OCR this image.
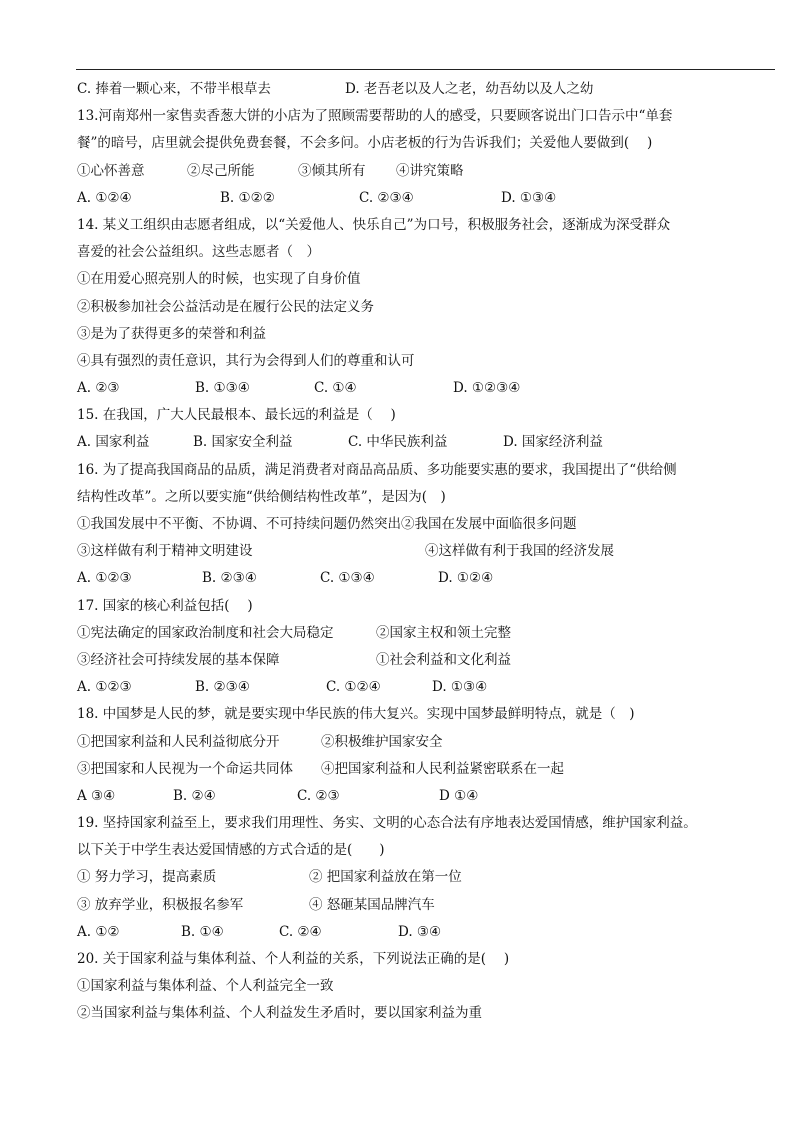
C. 捧着一颗心来，不带半根草去	D. 老吾老以及人之老，幼吾幼以及人之幼
13.河南郑州一家售卖香葱大饼的小店为了照顾需要帮助的人的感受，只要顾客说出门口告示中“单套
餐”的暗号，店里就会提供免费套餐，不会多问。小店老板的行为告诉我们；关爱他人要做到(　 )
①心怀善意	②尽己所能	③倾其所有 ④讲究策略
A. ①②④	B. ①②②	C. ②③④	D. ①③④
14. 某义工组织由志愿者组成，以“关爱他人、快乐自己”为口号，积极服务社会，逐渐成为深受群众
喜爱的社会公益组织。这些志愿者（　）
①在用爱心照亮别人的时候，也实现了自身价值
②积极参加社会公益活动是在履行公民的法定义务
③是为了获得更多的荣誉和利益
④具有强烈的责任意识，其行为会得到人们的尊重和认可
A. ②③	B. ①③④	C. ①④	D. ①②③④
15. 在我国，广大人民最根本、最长远的利益是（　 )
A. 国家利益	B. 国家安全利益	C. 中华民族利益	D. 国家经济利益
16. 为了提高我国商品的品质，满足消费者对商品高品质、多功能要实惠的要求，我国提出了“供给侧
结构性改革”。之所以要实施“供给侧结构性改革”，是因为(　)
①我国发展中不平衡、不协调、不可持续问题仍然突出②我国在发展中面临很多问题
③这样做有利于精神文明建设	④这样做有利于我国的经济发展
A. ①②③	B. ②③④	C. ①③④	D. ①②④
17. 国家的核心利益包括(　 )
①宪法确定的国家政治制度和社会大局稳定	②国家主权和领土完整
③经济社会可持续发展的基本保障	①社会利益和文化利益
A. ①②③	B. ②③④	C. ①②④	D. ①③④
18. 中国梦是人民的梦，就是要实现中华民族的伟大复兴。实现中国梦最鲜明特点，就是（　)
①把国家利益和人民利益彻底分开	②积极维护国家安全
③把国家和人民视为一个命运共同体 ④把国家利益和人民利益紧密联系在一起
A ③④	B. ②④	C. ②③	D ①④
19. 坚持国家利益至上，要求我们用理性、务实、文明的心态合法有序地表达爱国情感，维护国家利益。
以下关于中学生表达爱国情感的方式合适的是(　　)
① 努力学习，提高素质	② 把国家利益放在第一位
③ 放弃学业，积极报名参军	④ 怒砸某国品牌汽车
A. ①②	B. ①④	C. ②④	D. ③④
20. 关于国家利益与集体利益、个人利益的关系，下列说法正确的是(　 )
①国家利益与集体利益、个人利益完全一致
②当国家利益与集体利益、个人利益发生矛盾时，要以国家利益为重
